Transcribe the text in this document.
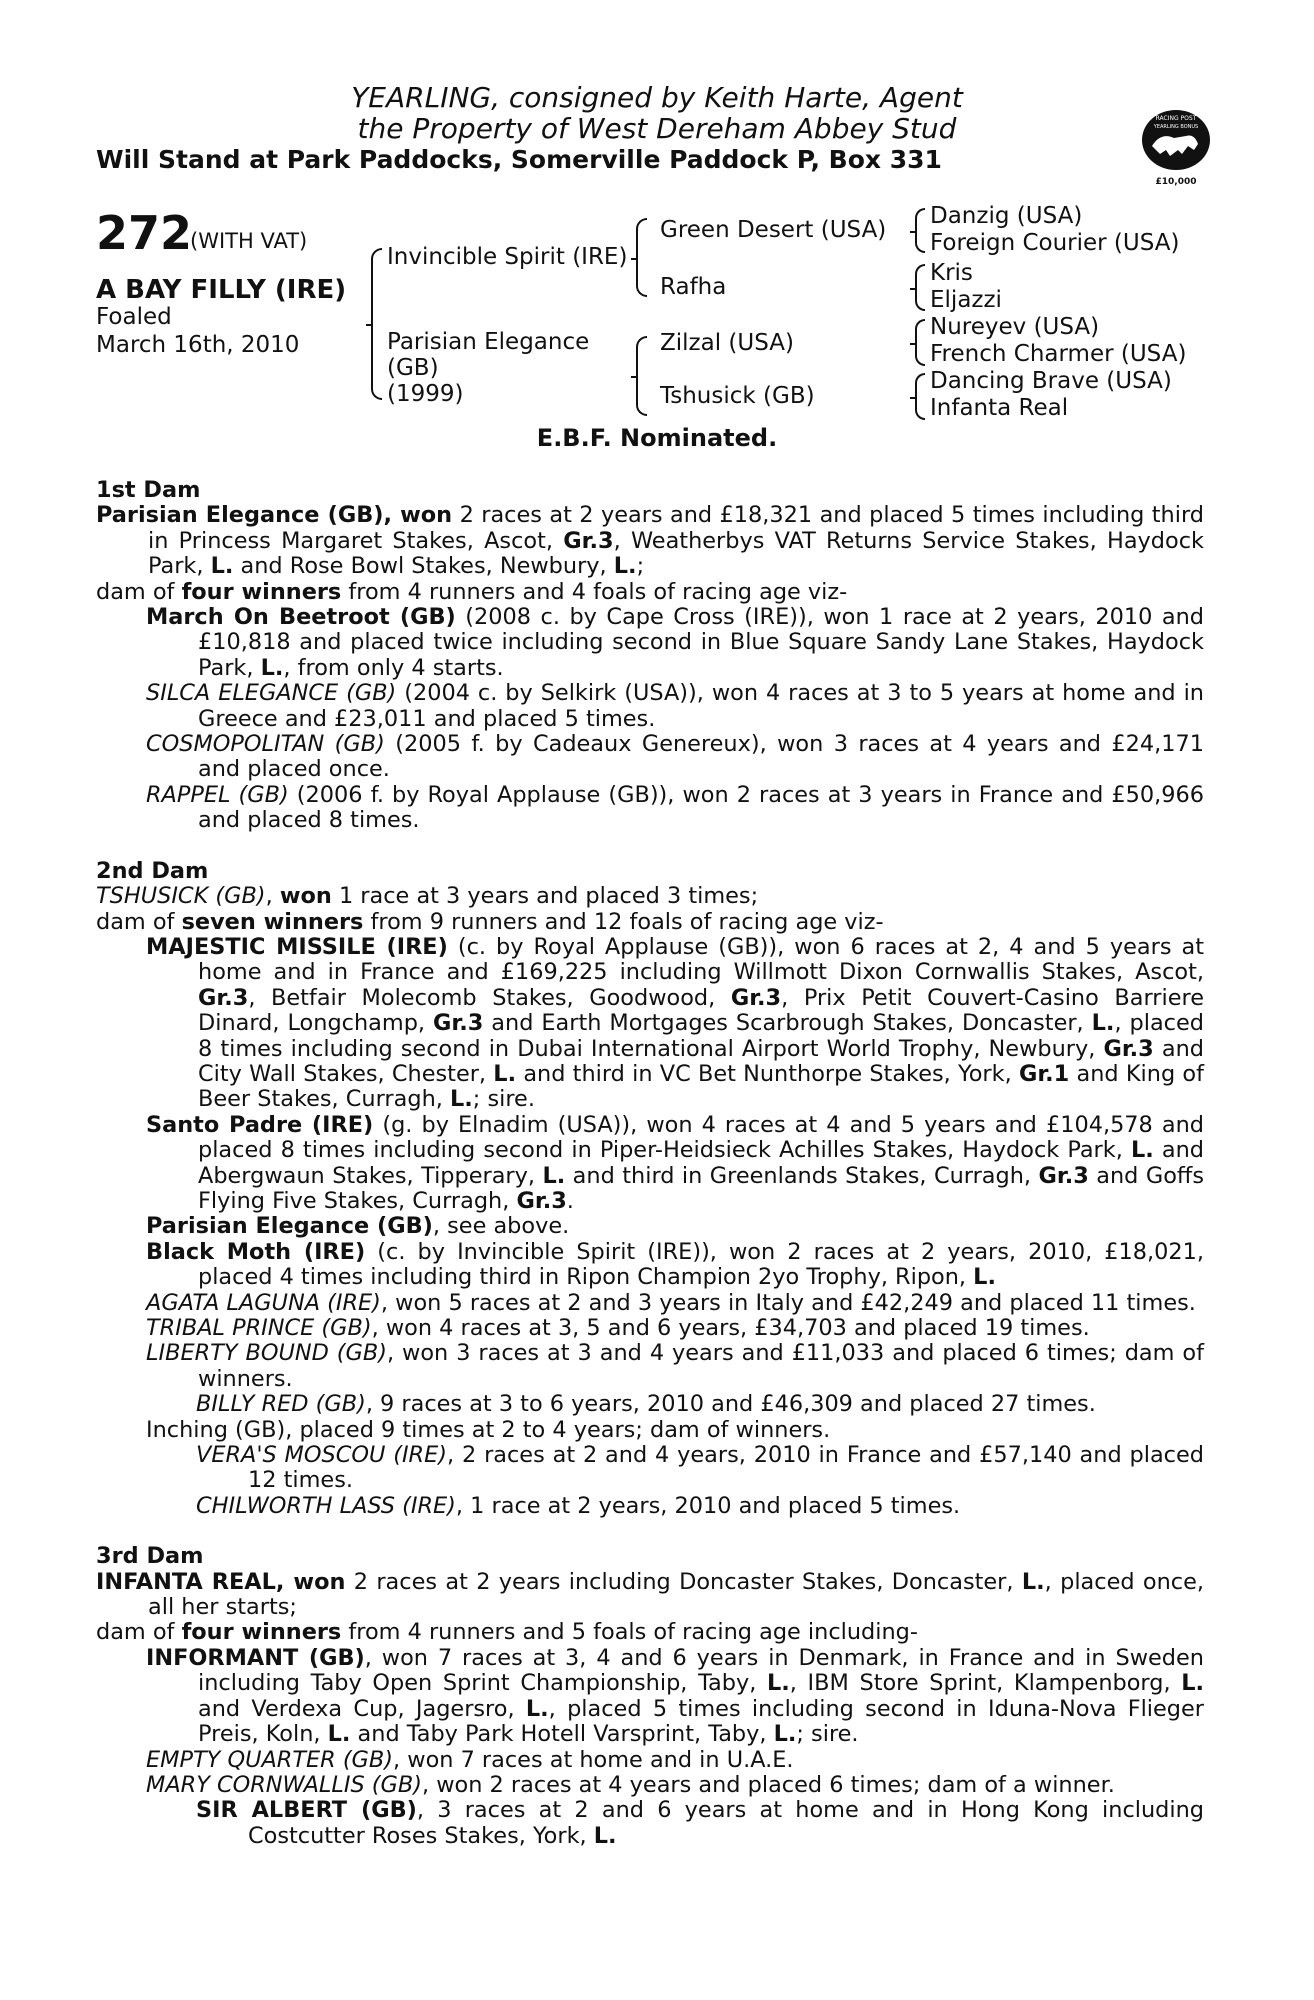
YEARLING, consigned by Keith Harte, Agent
the Property of West Dereham Abbey Stud
Will Stand at Park Paddocks, Somerville Paddock P, Box 331
RACING POST
YEARLING BONUS
£10,000
272
(WITH VAT)
A BAY FILLY (IRE)
Foaled
March 16th, 2010
Invincible Spirit (IRE)
Parisian Elegance
(GB)
(1999)
Green Desert (USA)
Rafha
Zilzal (USA)
Tshusick (GB)
Danzig (USA)
Foreign Courier (USA)
Kris
Eljazzi
Nureyev (USA)
French Charmer (USA)
Dancing Brave (USA)
Infanta Real
E.B.F. Nominated.

1st Dam

Parisian Elegance (GB), won 2 races at 2 years and £18,321 and placed 5 times including third in Princess Margaret Stakes, Ascot, Gr.3, Weatherbys VAT Returns Service Stakes, Haydock Park, L. and Rose Bowl Stakes, Newbury, L.;

dam of four winners from 4 runners and 4 foals of racing age viz-

March On Beetroot (GB) (2008 c. by Cape Cross (IRE)), won 1 race at 2 years, 2010 and £10,818 and placed twice including second in Blue Square Sandy Lane Stakes, Haydock Park, L., from only 4 starts.

SILCA ELEGANCE (GB) (2004 c. by Selkirk (USA)), won 4 races at 3 to 5 years at home and in Greece and £23,011 and placed 5 times.

COSMOPOLITAN (GB) (2005 f. by Cadeaux Genereux), won 3 races at 4 years and £24,171 and placed once.

RAPPEL (GB) (2006 f. by Royal Applause (GB)), won 2 races at 3 years in France and £50,966 and placed 8 times.

2nd Dam

TSHUSICK (GB), won 1 race at 3 years and placed 3 times;

dam of seven winners from 9 runners and 12 foals of racing age viz-

MAJESTIC MISSILE (IRE) (c. by Royal Applause (GB)), won 6 races at 2, 4 and 5 years at home and in France and £169,225 including Willmott Dixon Cornwallis Stakes, Ascot, Gr.3, Betfair Molecomb Stakes, Goodwood, Gr.3, Prix Petit Couvert-Casino Barriere Dinard, Longchamp, Gr.3 and Earth Mortgages Scarbrough Stakes, Doncaster, L., placed 8 times including second in Dubai International Airport World Trophy, Newbury, Gr.3 and City Wall Stakes, Chester, L. and third in VC Bet Nunthorpe Stakes, York, Gr.1 and King of Beer Stakes, Curragh, L.; sire.

Santo Padre (IRE) (g. by Elnadim (USA)), won 4 races at 4 and 5 years and £104,578 and placed 8 times including second in Piper-Heidsieck Achilles Stakes, Haydock Park, L. and Abergwaun Stakes, Tipperary, L. and third in Greenlands Stakes, Curragh, Gr.3 and Goffs Flying Five Stakes, Curragh, Gr.3.

Parisian Elegance (GB), see above.

Black Moth (IRE) (c. by Invincible Spirit (IRE)), won 2 races at 2 years, 2010, £18,021, placed 4 times including third in Ripon Champion 2yo Trophy, Ripon, L.

AGATA LAGUNA (IRE), won 5 races at 2 and 3 years in Italy and £42,249 and placed 11 times.

TRIBAL PRINCE (GB), won 4 races at 3, 5 and 6 years, £34,703 and placed 19 times.

LIBERTY BOUND (GB), won 3 races at 3 and 4 years and £11,033 and placed 6 times; dam of winners.

BILLY RED (GB), 9 races at 3 to 6 years, 2010 and £46,309 and placed 27 times.

Inching (GB), placed 9 times at 2 to 4 years; dam of winners.

VERA'S MOSCOU (IRE), 2 races at 2 and 4 years, 2010 in France and £57,140 and placed 12 times.

CHILWORTH LASS (IRE), 1 race at 2 years, 2010 and placed 5 times.

3rd Dam

INFANTA REAL, won 2 races at 2 years including Doncaster Stakes, Doncaster, L., placed once, all her starts;

dam of four winners from 4 runners and 5 foals of racing age including-

INFORMANT (GB), won 7 races at 3, 4 and 6 years in Denmark, in France and in Sweden including Taby Open Sprint Championship, Taby, L., IBM Store Sprint, Klampenborg, L. and Verdexa Cup, Jagersro, L., placed 5 times including second in Iduna-Nova Flieger Preis, Koln, L. and Taby Park Hotell Varsprint, Taby, L.; sire.

EMPTY QUARTER (GB), won 7 races at home and in U.A.E.

MARY CORNWALLIS (GB), won 2 races at 4 years and placed 6 times; dam of a winner.

SIR ALBERT (GB), 3 races at 2 and 6 years at home and in Hong Kong including Costcutter Roses Stakes, York, L.
